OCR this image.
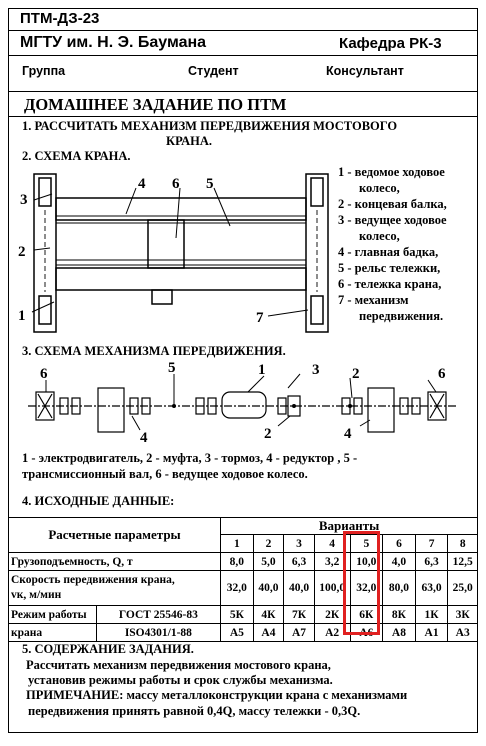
ПТМ-ДЗ-23
МГТУ им. Н. Э. Баумана	Кафедра РК-3
Группа	Студент	Консультант
ДОМАШНЕЕ ЗАДАНИЕ ПО ПТМ
1. РАССЧИТАТЬ МЕХАНИЗМ ПЕРЕДВИЖЕНИЯ МОСТОВОГО
КРАНА.
2. СХЕМА КРАНА.
3
2
1
4 6 5
7
1 - ведомое ходовое
колесо,
2 - концевая балка,
3 - ведущее ходовое
колесо,
4 - главная бадка,
5 - рельс тележки,
6 - тележка крана,
7 - механизм
передвижения.
3. СХЕМА МЕХАНИЗМА ПЕРЕДВИЖЕНИЯ.
6	5	1	3 2	6
4	2	4
1 - электродвигатель, 2 - муфта, 3 - тормоз, 4 - редуктор , 5 -
трансмиссионный вал, 6 - ведущее ходовое колесо.
4. ИСХОДНЫЕ ДАННЫЕ:
Расчетные параметры		Варианты							
		1	2	3	4	5	6	7	8
Грузоподъемность, Q, т		8,0	5,0	6,3	3,2	10,0	4,0	6,3	12,5
Скорость передвижения крана,
vк, м/мин		32,0	40,0	40,0	100,0	32,0	80,0	63,0	25,0
Режим работы	ГОСТ 25546-83	5К	4К	7К	2К	6К	8К	1К	3К
крана	ISO4301/1-88	А5	А4	А7	А2	А6	А8	А1	А3
5. СОДЕРЖАНИЕ ЗАДАНИЯ.
Рассчитать механизм передвижения мостового крана,
установив режимы работы и срок службы механизма.
ПРИМЕЧАНИЕ: массу металлоконструкции крана с механизмами
передвижения принять равной 0,4Q, массу тележки - 0,3Q.
